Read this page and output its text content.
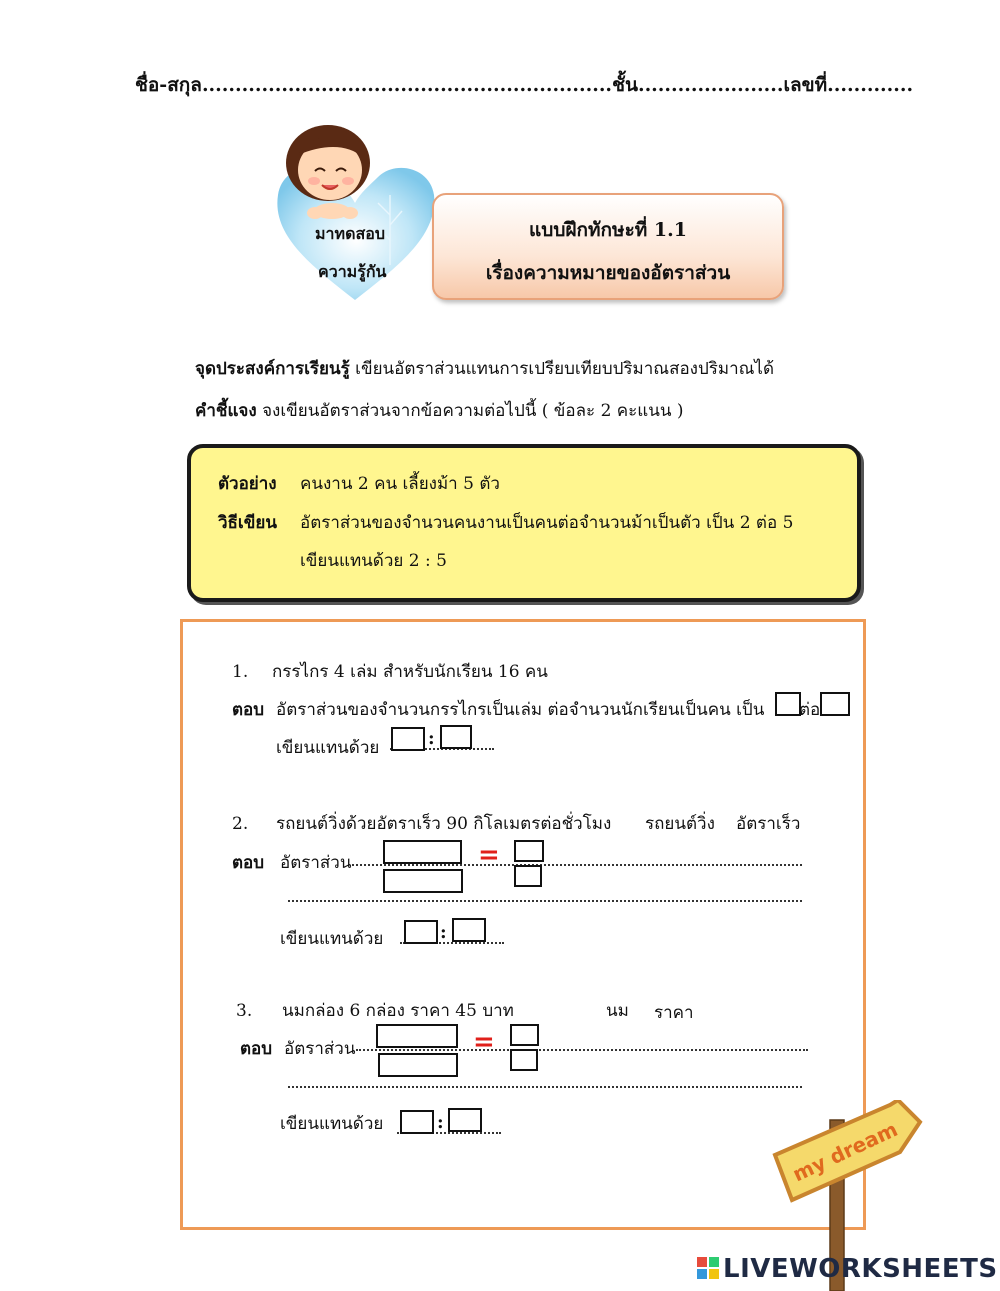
ชื่อ-สกุล..............................................................ชั้น......................เลขที่.............
มาทดสอบ
ความรู้กัน
แบบฝึกทักษะที่ 1.1
เรื่องความหมายของอัตราส่วน
จุดประสงค์การเรียนรู้ เขียนอัตราส่วนแทนการเปรียบเทียบปริมาณสองปริมาณได้
คำชี้แจง จงเขียนอัตราส่วนจากข้อความต่อไปนี้ ( ข้อละ 2 คะแนน )
ตัวอย่าง คนงาน 2 คน เลี้ยงม้า 5 ตัว
วิธีเขียน อัตราส่วนของจำนวนคนงานเป็นคนต่อจำนวนม้าเป็นตัว เป็น 2 ต่อ 5
เขียนแทนด้วย 2 : 5
1. กรรไกร 4 เล่ม สำหรับนักเรียน 16 คน
ตอบ อัตราส่วนของจำนวนกรรไกรเป็นเล่ม ต่อจำนวนนักเรียนเป็นคน เป็น ต่อ
เขียนแทนด้วย	:
2. รถยนต์วิ่งด้วยอัตราเร็ว 90 กิโลเมตรต่อชั่วโมง รถยนต์วิ่ง อัตราเร็ว
ตอบ อัตราส่วน	=
เขียนแทนด้วย	:
3. นมกล่อง 6 กล่อง ราคา 45 บาท	นม ราคา
ตอบ อัตราส่วน	=
เขียนแทนด้วย	:	my dream
LIVEWORKSHEETS
